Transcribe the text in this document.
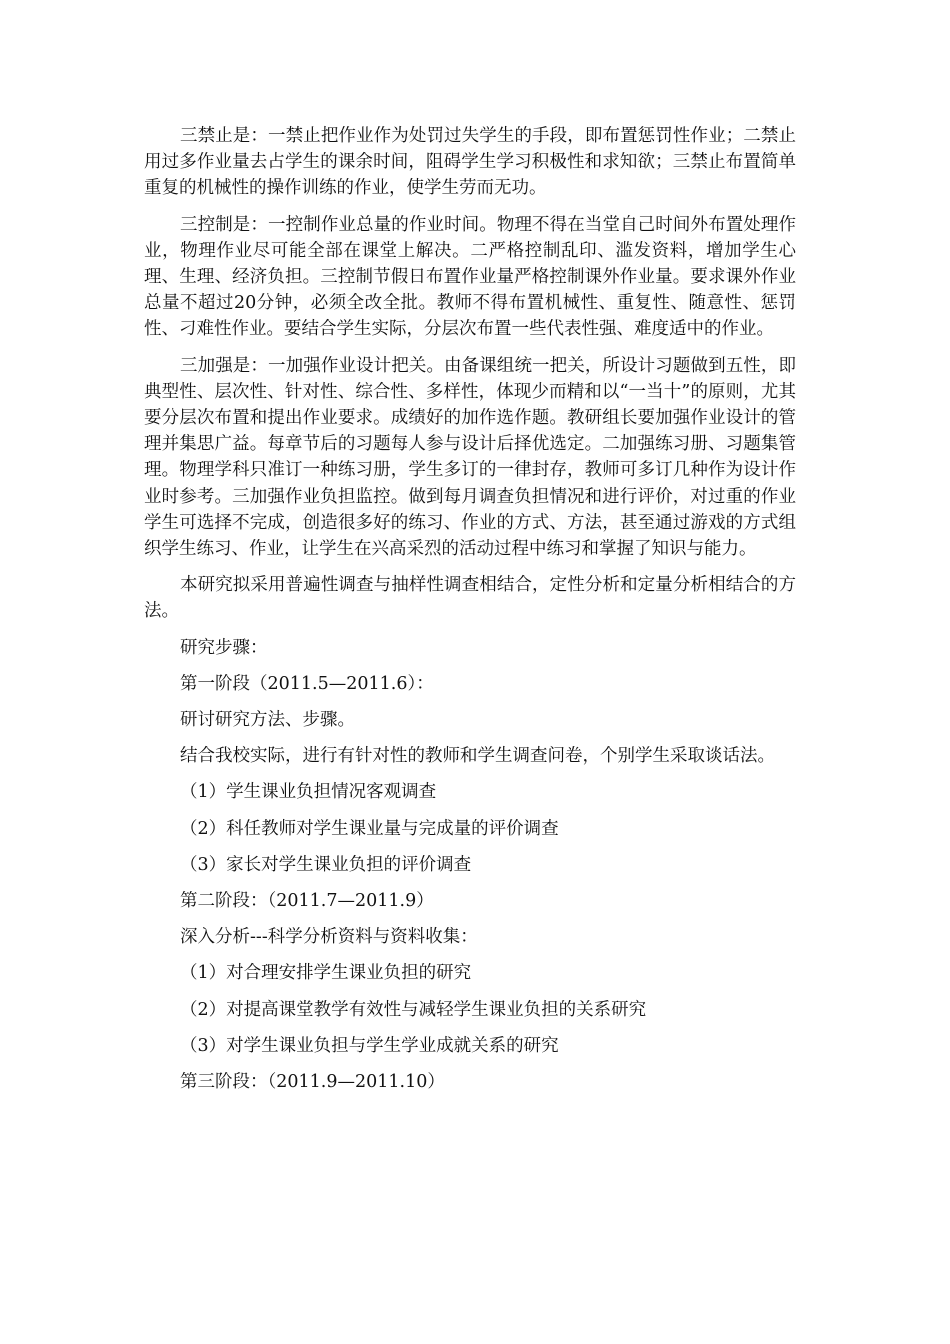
三禁止是：一禁止把作业作为处罚过失学生的手段，即布置惩罚性作业；二禁止用过多作业量去占学生的课余时间，阻碍学生学习积极性和求知欲；三禁止布置简单重复的机械性的操作训练的作业，使学生劳而无功。

三控制是：一控制作业总量的作业时间。物理不得在当堂自己时间外布置处理作业，物理作业尽可能全部在课堂上解决。二严格控制乱印、滥发资料，增加学生心理、生理、经济负担。三控制节假日布置作业量严格控制课外作业量。要求课外作业总量不超过20分钟，必须全改全批。教师不得布置机械性、重复性、随意性、惩罚性、刁难性作业。要结合学生实际，分层次布置一些代表性强、难度适中的作业。

三加强是：一加强作业设计把关。由备课组统一把关，所设计习题做到五性，即典型性、层次性、针对性、综合性、多样性，体现少而精和以“一当十”的原则，尤其要分层次布置和提出作业要求。成绩好的加作选作题。教研组长要加强作业设计的管理并集思广益。每章节后的习题每人参与设计后择优选定。二加强练习册、习题集管理。物理学科只准订一种练习册，学生多订的一律封存，教师可多订几种作为设计作业时参考。三加强作业负担监控。做到每月调查负担情况和进行评价，对过重的作业学生可选择不完成，创造很多好的练习、作业的方式、方法，甚至通过游戏的方式组织学生练习、作业，让学生在兴高采烈的活动过程中练习和掌握了知识与能力。

本研究拟采用普遍性调查与抽样性调查相结合，定性分析和定量分析相结合的方法。

研究步骤：

第一阶段（2011.5—2011.6）：

研讨研究方法、步骤。

结合我校实际，进行有针对性的教师和学生调查问卷，个别学生采取谈话法。

（1）学生课业负担情况客观调查

（2）科任教师对学生课业量与完成量的评价调查

（3）家长对学生课业负担的评价调查

第二阶段：（2011.7—2011.9）

深入分析---科学分析资料与资料收集：

（1）对合理安排学生课业负担的研究

（2）对提高课堂教学有效性与减轻学生课业负担的关系研究

（3）对学生课业负担与学生学业成就关系的研究

第三阶段：（2011.9—2011.10）
